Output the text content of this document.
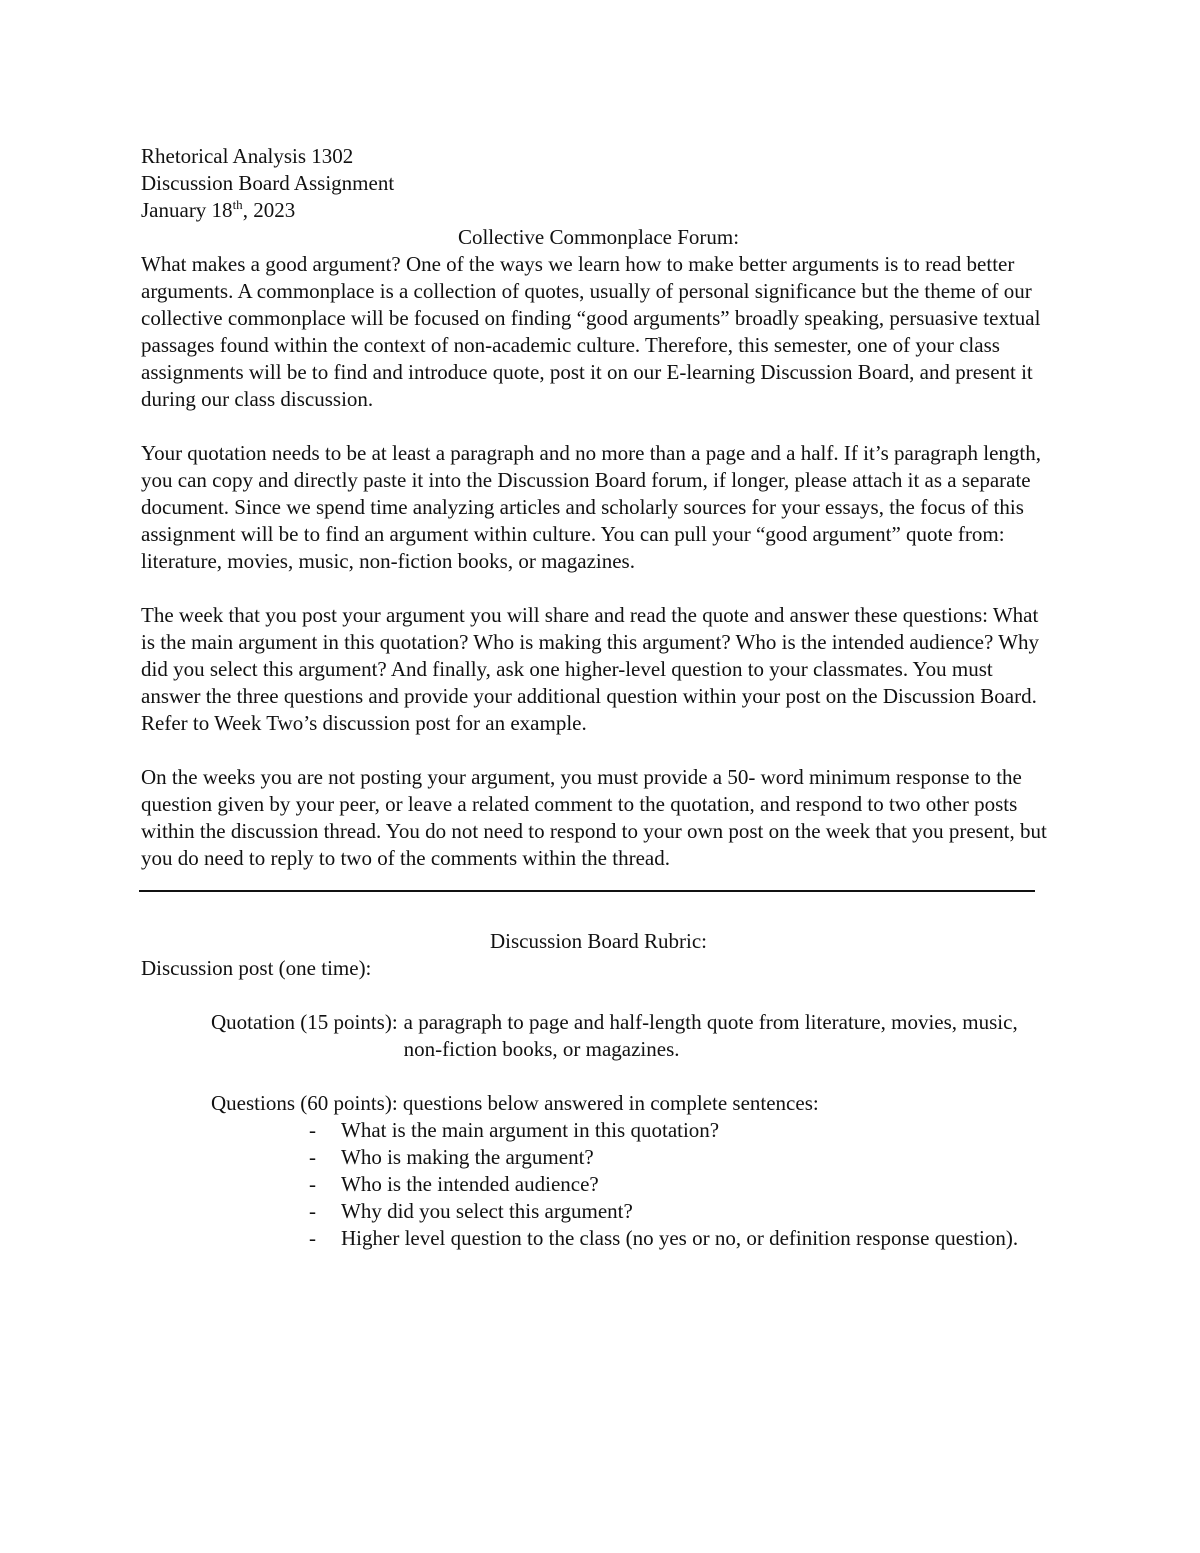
Rhetorical Analysis 1302
Discussion Board Assignment
January 18th, 2023
Collective Commonplace Forum:

What makes a good argument? One of the ways we learn how to make better arguments is to read better arguments. A commonplace is a collection of quotes, usually of personal significance but the theme of our collective commonplace will be focused on finding “good arguments” broadly speaking, persuasive textual passages found within the context of non-academic culture. Therefore, this semester, one of your class assignments will be to find and introduce quote, post it on our E-learning Discussion Board, and present it during our class discussion.

Your quotation needs to be at least a paragraph and no more than a page and a half. If it’s paragraph length, you can copy and directly paste it into the Discussion Board forum, if longer, please attach it as a separate document. Since we spend time analyzing articles and scholarly sources for your essays, the focus of this assignment will be to find an argument within culture. You can pull your “good argument” quote from: literature, movies, music, non-fiction books, or magazines.

The week that you post your argument you will share and read the quote and answer these questions: What is the main argument in this quotation? Who is making this argument? Who is the intended audience? Why did you select this argument? And finally, ask one higher-level question to your classmates. You must answer the three questions and provide your additional question within your post on the Discussion Board. Refer to Week Two’s discussion post for an example.

On the weeks you are not posting your argument, you must provide a 50- word minimum response to the question given by your peer, or leave a related comment to the quotation, and respond to two other posts within the discussion thread. You do not need to respond to your own post on the week that you present, but you do need to reply to two of the comments within the thread.

Discussion Board Rubric:
Discussion post (one time):
Quotation (15 points): a paragraph to page and half-length quote from literature, movies, music, non-fiction books, or magazines.
Questions (60 points): questions below answered in complete sentences:
-	What is the main argument in this quotation?
-	Who is making the argument?
-	Who is the intended audience?
-	Why did you select this argument?
-	Higher level question to the class (no yes or no, or definition response question).
